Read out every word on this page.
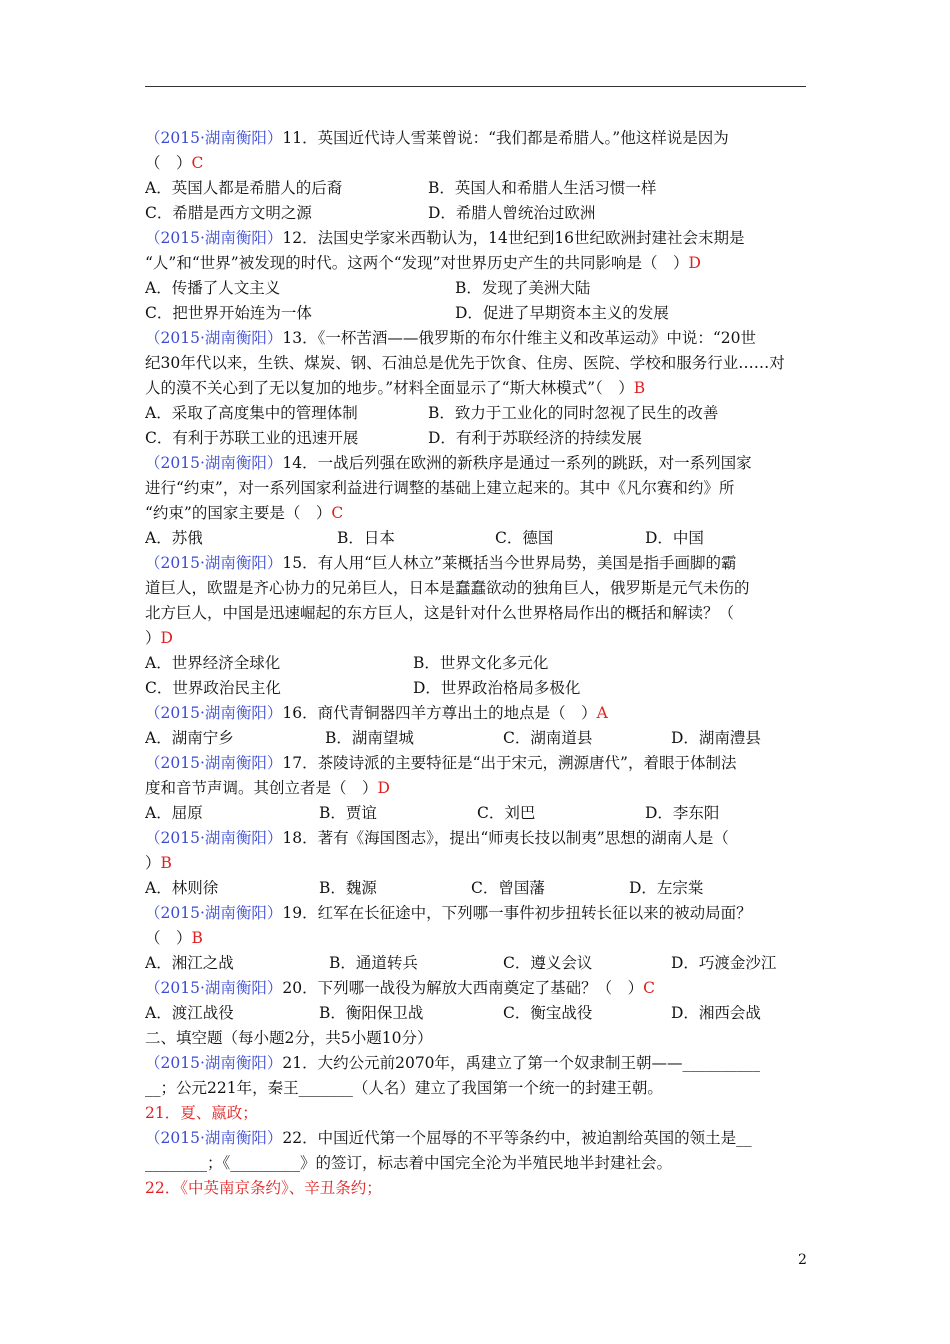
（2015·湖南衡阳）11．英国近代诗人雪莱曾说：“我们都是希腊人。”他这样说是因为
（　）C
A．英国人都是希腊人的后裔	B．英国人和希腊人生活习惯一样
C．希腊是西方文明之源	D．希腊人曾统治过欧洲
（2015·湖南衡阳）12．法国史学家米西勒认为，14世纪到16世纪欧洲封建社会末期是
“人”和“世界”被发现的时代。这两个“发现”对世界历史产生的共同影响是（　）D
A．传播了人文主义	B．发现了美洲大陆
C．把世界开始连为一体	D．促进了早期资本主义的发展
（2015·湖南衡阳）13．《一杯苦酒——俄罗斯的布尔什维主义和改革运动》中说：“20世
纪30年代以来，生铁、煤炭、钢、石油总是优先于饮食、住房、医院、学校和服务行业……对
人的漠不关心到了无以复加的地步。”材料全面显示了“斯大林模式”（　）B
A．采取了高度集中的管理体制	B．致力于工业化的同时忽视了民生的改善
C．有利于苏联工业的迅速开展	D．有利于苏联经济的持续发展
（2015·湖南衡阳）14．一战后列强在欧洲的新秩序是通过一系列的跳跃，对一系列国家
进行“约束”，对一系列国家利益进行调整的基础上建立起来的。其中《凡尔赛和约》所
“约束”的国家主要是（　）C
A．苏俄	B．日本	C．德国	D．中国
（2015·湖南衡阳）15．有人用“巨人林立”莱概括当今世界局势，美国是指手画脚的霸
道巨人，欧盟是齐心协力的兄弟巨人，日本是蠢蠢欲动的独角巨人，俄罗斯是元气未伤的
北方巨人，中国是迅速崛起的东方巨人，这是针对什么世界格局作出的概括和解读？（
）D
A．世界经济全球化	B．世界文化多元化
C．世界政治民主化	D．世界政治格局多极化
（2015·湖南衡阳）16．商代青铜器四羊方尊出土的地点是（　）A
A．湖南宁乡	B．湖南望城	C．湖南道县	D．湖南澧县
（2015·湖南衡阳）17．茶陵诗派的主要特征是“出于宋元，溯源唐代”，着眼于体制法
度和音节声调。其创立者是（　）D
A．屈原	B．贾谊	C．刘巴	D．李东阳
（2015·湖南衡阳）18．著有《海国图志》，提出“师夷长技以制夷”思想的湖南人是（
）B
A．林则徐	B．魏源	C．曾国藩	D．左宗棠
（2015·湖南衡阳）19．红军在长征途中，下列哪一事件初步扭转长征以来的被动局面？
（　）B
A．湘江之战	B．通道转兵	C．遵义会议	D．巧渡金沙江
（2015·湖南衡阳）20．下列哪一战役为解放大西南奠定了基础？（　）C
A．渡江战役	B．衡阳保卫战	C．衡宝战役	D．湘西会战
二、填空题（每小题2分，共5小题10分）
（2015·湖南衡阳）21．大约公元前2070年，禹建立了第一个奴隶制王朝——__________
__；公元221年，秦王_______（人名）建立了我国第一个统一的封建王朝。
21．夏、嬴政；
（2015·湖南衡阳）22．中国近代第一个屈辱的不平等条约中，被迫割给英国的领土是__
________；《_________》的签订，标志着中国完全沦为半殖民地半封建社会。
22．《中英南京条约》、辛丑条约；
2
